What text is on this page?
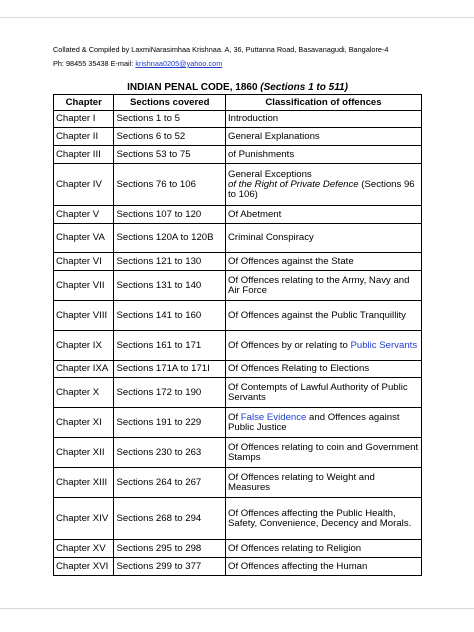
Collated & Compiled by LaxmiNarasimhaa Krishnaa. A, 36, Puttanna Road, Basavanagudi, Bangalore-4
Ph: 98455 35438 E-mail: krishnaa0205@yahoo.com
INDIAN PENAL CODE, 1860 (Sections 1 to 511)
Chapter	Sections covered	Classification of offences
Chapter I	Sections 1 to 5	Introduction
Chapter II	Sections 6 to 52	General Explanations
Chapter III	Sections 53 to 75	of Punishments
Chapter IV	Sections 76 to 106	General Exceptions
of the Right of Private Defence (Sections 96 to 106)
Chapter V	Sections 107 to 120	Of Abetment
Chapter VA	Sections 120A to 120B	Criminal Conspiracy
Chapter VI	Sections 121 to 130	Of Offences against the State
Chapter VII	Sections 131 to 140	Of Offences relating to the Army, Navy and Air Force
Chapter VIII	Sections 141 to 160	Of Offences against the Public Tranquillity
Chapter IX	Sections 161 to 171	Of Offences by or relating to Public Servants
Chapter IXA	Sections 171A to 171I	Of Offences Relating to Elections
Chapter X	Sections 172 to 190	Of Contempts of Lawful Authority of Public Servants
Chapter XI	Sections 191 to 229	Of False Evidence and Offences against Public Justice
Chapter XII	Sections 230 to 263	Of Offences relating to coin and Government Stamps
Chapter XIII	Sections 264 to 267	Of Offences relating to Weight and Measures
Chapter XIV	Sections 268 to 294	Of Offences affecting the Public Health, Safety, Convenience, Decency and Morals.
Chapter XV	Sections 295 to 298	Of Offences relating to Religion
Chapter XVI	Sections 299 to 377	Of Offences affecting the Human
